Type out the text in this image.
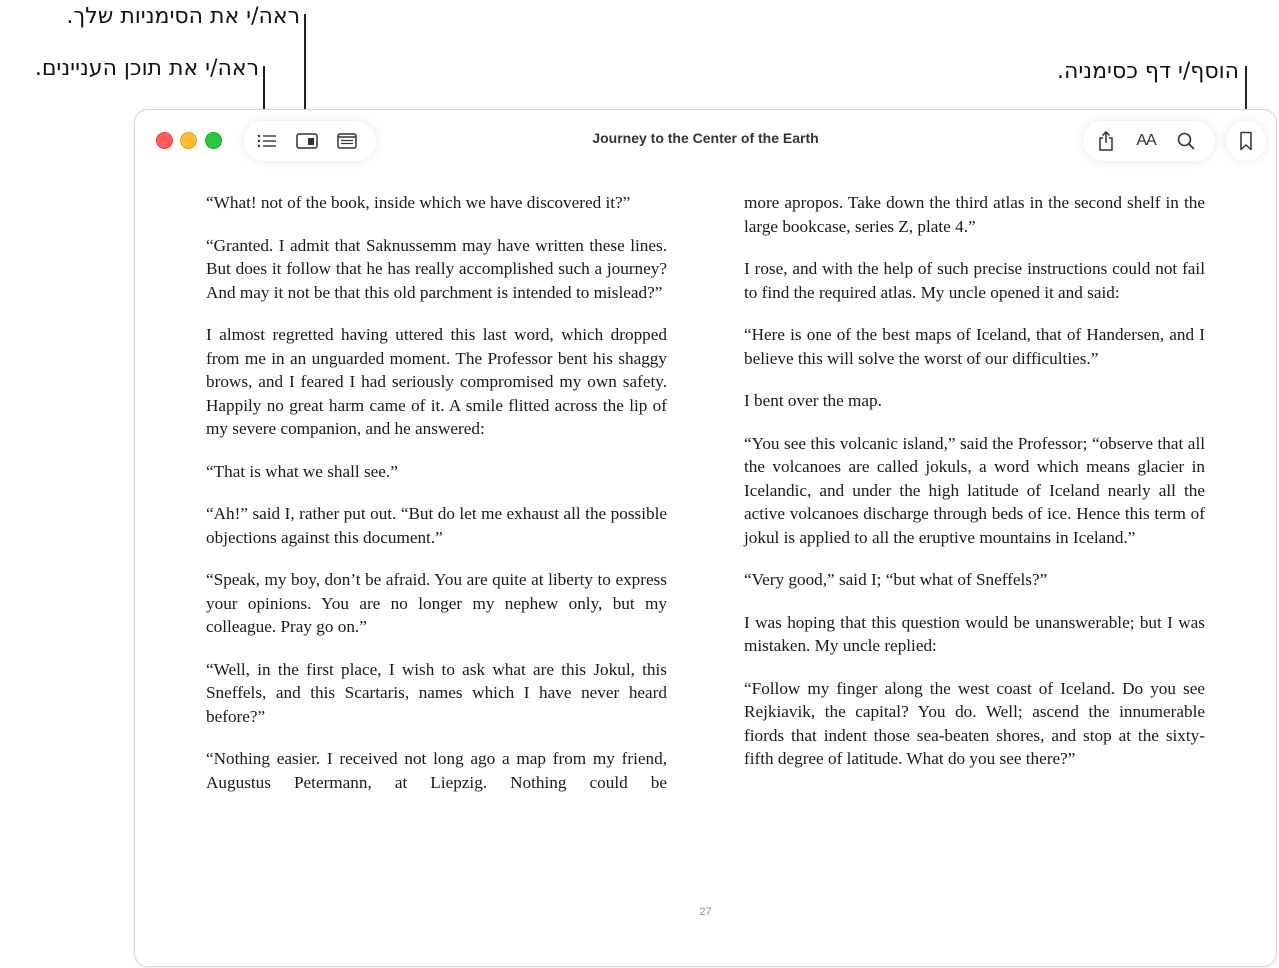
ראה/י את הסימניות שלך.
ראה/י את תוכן העניינים.	הוסף/י דף כסימניה.
Journey to the Center of the Earth	AA

“What! not of the book, inside which we have discovered it?”

“Granted. I admit that Saknussemm may have written these lines. But does it follow that he has really accomplished such a journey? And may it not be that this old parchment is intended to mislead?”

I almost regretted having uttered this last word, which dropped from me in an unguarded moment. The Professor bent his shaggy brows, and I feared I had seriously compromised my own safety. Happily no great harm came of it. A smile flitted across the lip of my severe companion, and he answered:

“That is what we shall see.”

“Ah!” said I, rather put out. “But do let me exhaust all the possible objections against this document.”

“Speak, my boy, don’t be afraid. You are quite at liberty to express your opinions. You are no longer my nephew only, but my colleague. Pray go on.”

“Well, in the first place, I wish to ask what are this Jokul, this Sneffels, and this Scartaris, names which I have never heard before?”

“Nothing easier. I received not long ago a map from my friend, Augustus Petermann, at Liepzig. Nothing could be

more apropos. Take down the third atlas in the second shelf in the large bookcase, series Z, plate 4.”

I rose, and with the help of such precise instructions could not fail to find the required atlas. My uncle opened it and said:

“Here is one of the best maps of Iceland, that of Handersen, and I believe this will solve the worst of our difficulties.”

I bent over the map.

“You see this volcanic island,” said the Professor; “observe that all the volcanoes are called jokuls, a word which means glacier in Icelandic, and under the high latitude of Iceland nearly all the active volcanoes discharge through beds of ice. Hence this term of jokul is applied to all the eruptive mountains in Iceland.”

“Very good,” said I; “but what of Sneffels?”

I was hoping that this question would be unanswerable; but I was mistaken. My uncle replied:

“Follow my finger along the west coast of Iceland. Do you see Rejkiavik, the capital? You do. Well; ascend the innumerable fiords that indent those sea-beaten shores, and stop at the sixty-fifth degree of latitude. What do you see there?”

27
